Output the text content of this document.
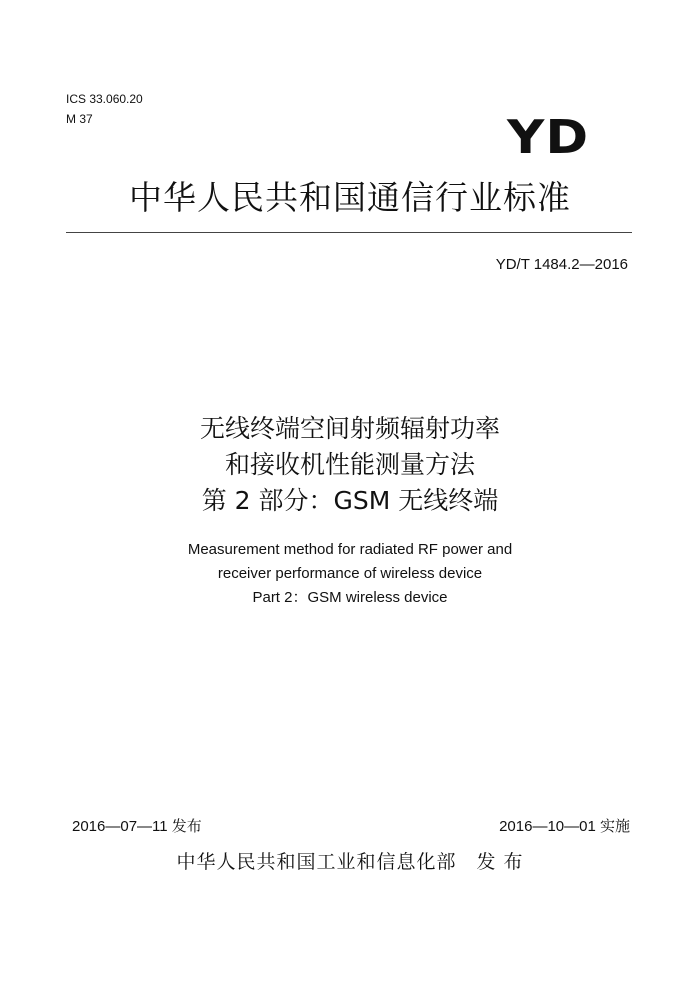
ICS 33.060.20
M 37	YD
中华人民共和国通信行业标准
YD/T 1484.2—2016
无线终端空间射频辐射功率
和接收机性能测量方法
第 2 部分：GSM 无线终端
Measurement method for radiated RF power and
receiver performance of wireless device
Part 2：GSM wireless device
2016—07—11 发布	2016—10—01 实施
中华人民共和国工业和信息化部　发 布
